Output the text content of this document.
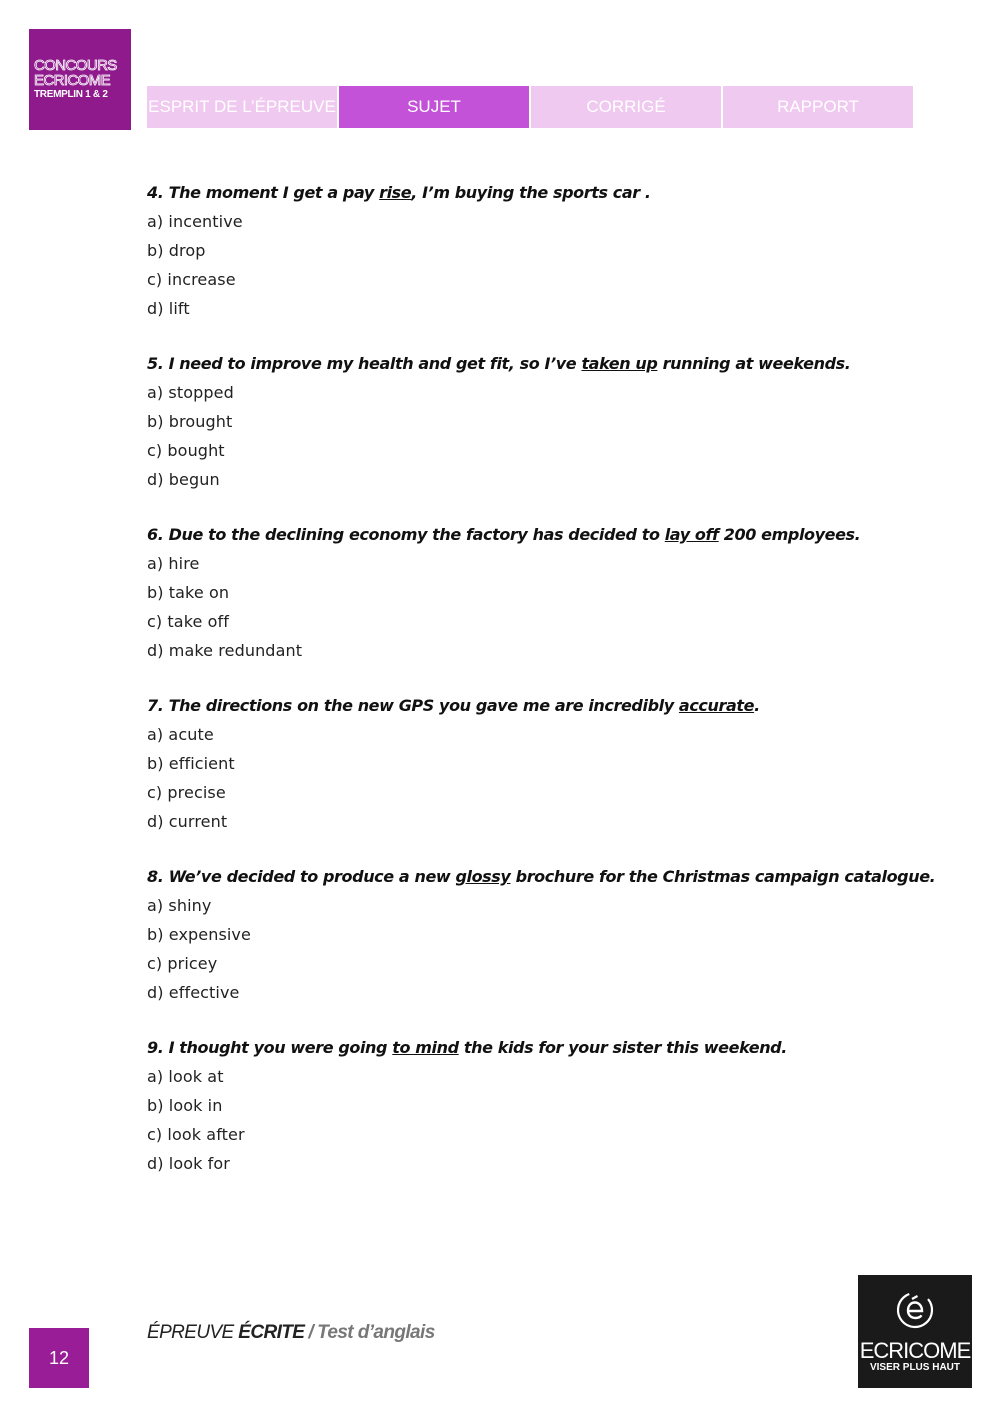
CONCOURS
ECRICOME
TREMPLIN 1 & 2
ESPRIT DE L’ÉPREUVE	SUJET	CORRIGÉ	RAPPORT
4. The moment I get a pay rise, I’m buying the sports car .
a) incentive
b) drop
c) increase
d) lift
5. I need to improve my health and get fit, so I’ve taken up running at weekends.
a) stopped
b) brought
c) bought
d) begun
6. Due to the declining economy the factory has decided to lay off 200 employees.
a) hire
b) take on
c) take off
d) make redundant
7. The directions on the new GPS you gave me are incredibly accurate.
a) acute
b) efficient
c) precise
d) current
8. We’ve decided to produce a new glossy brochure for the Christmas campaign catalogue.
a) shiny
b) expensive
c) pricey
d) effective
9. I thought you were going to mind the kids for your sister this weekend.
a) look at
b) look in
c) look after
d) look for
12
ÉPREUVE ÉCRITE / Test d’anglais
ECRICOME
VISER PLUS HAUT
